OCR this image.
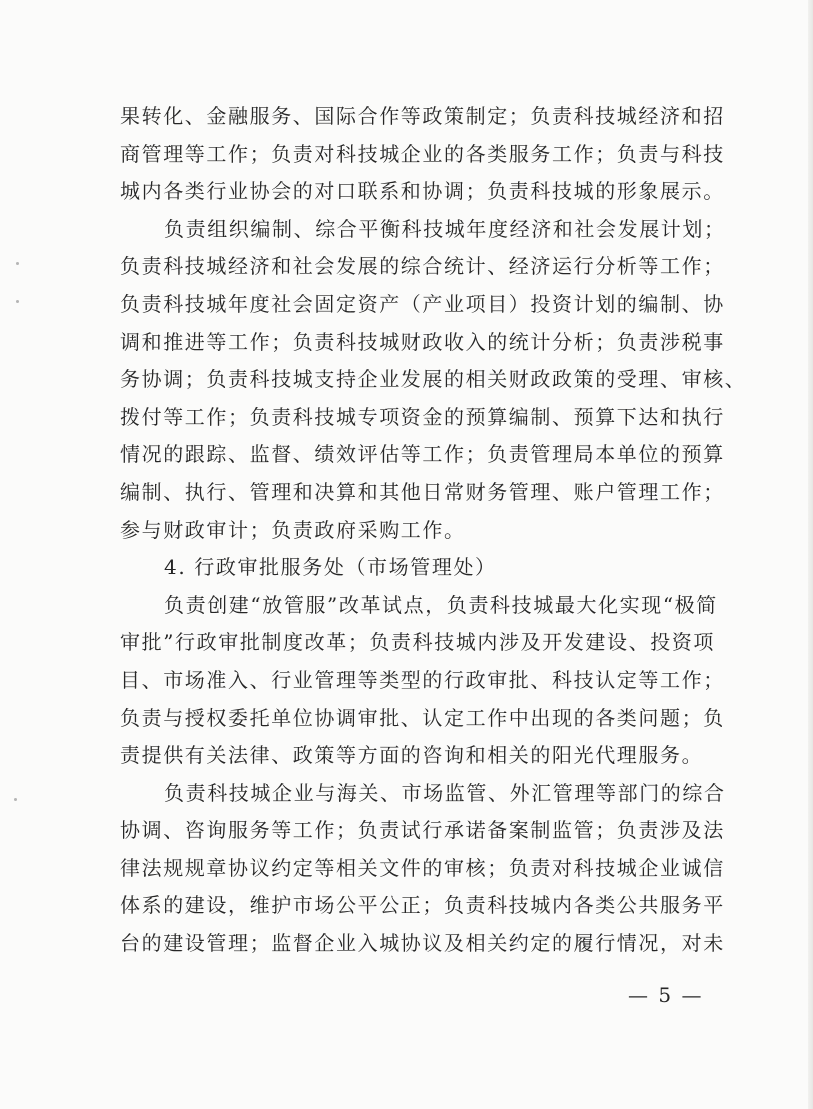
果转化、金融服务、国际合作等政策制定；负责科技城经济和招
商管理等工作；负责对科技城企业的各类服务工作；负责与科技
城内各类行业协会的对口联系和协调；负责科技城的形象展示。
负责组织编制、综合平衡科技城年度经济和社会发展计划；
负责科技城经济和社会发展的综合统计、经济运行分析等工作；
负责科技城年度社会固定资产（产业项目）投资计划的编制、协
调和推进等工作；负责科技城财政收入的统计分析；负责涉税事
务协调；负责科技城支持企业发展的相关财政政策的受理、审核、
拨付等工作；负责科技城专项资金的预算编制、预算下达和执行
情况的跟踪、监督、绩效评估等工作；负责管理局本单位的预算
编制、执行、管理和决算和其他日常财务管理、账户管理工作；
参与财政审计；负责政府采购工作。
4. 行政审批服务处（市场管理处）
负责创建“放管服”改革试点，负责科技城最大化实现“极简
审批”行政审批制度改革；负责科技城内涉及开发建设、投资项
目、市场准入、行业管理等类型的行政审批、科技认定等工作；
负责与授权委托单位协调审批、认定工作中出现的各类问题；负
责提供有关法律、政策等方面的咨询和相关的阳光代理服务。
负责科技城企业与海关、市场监管、外汇管理等部门的综合
协调、咨询服务等工作；负责试行承诺备案制监管；负责涉及法
律法规规章协议约定等相关文件的审核；负责对科技城企业诚信
体系的建设，维护市场公平公正；负责科技城内各类公共服务平
台的建设管理；监督企业入城协议及相关约定的履行情况，对未
— 5 —
